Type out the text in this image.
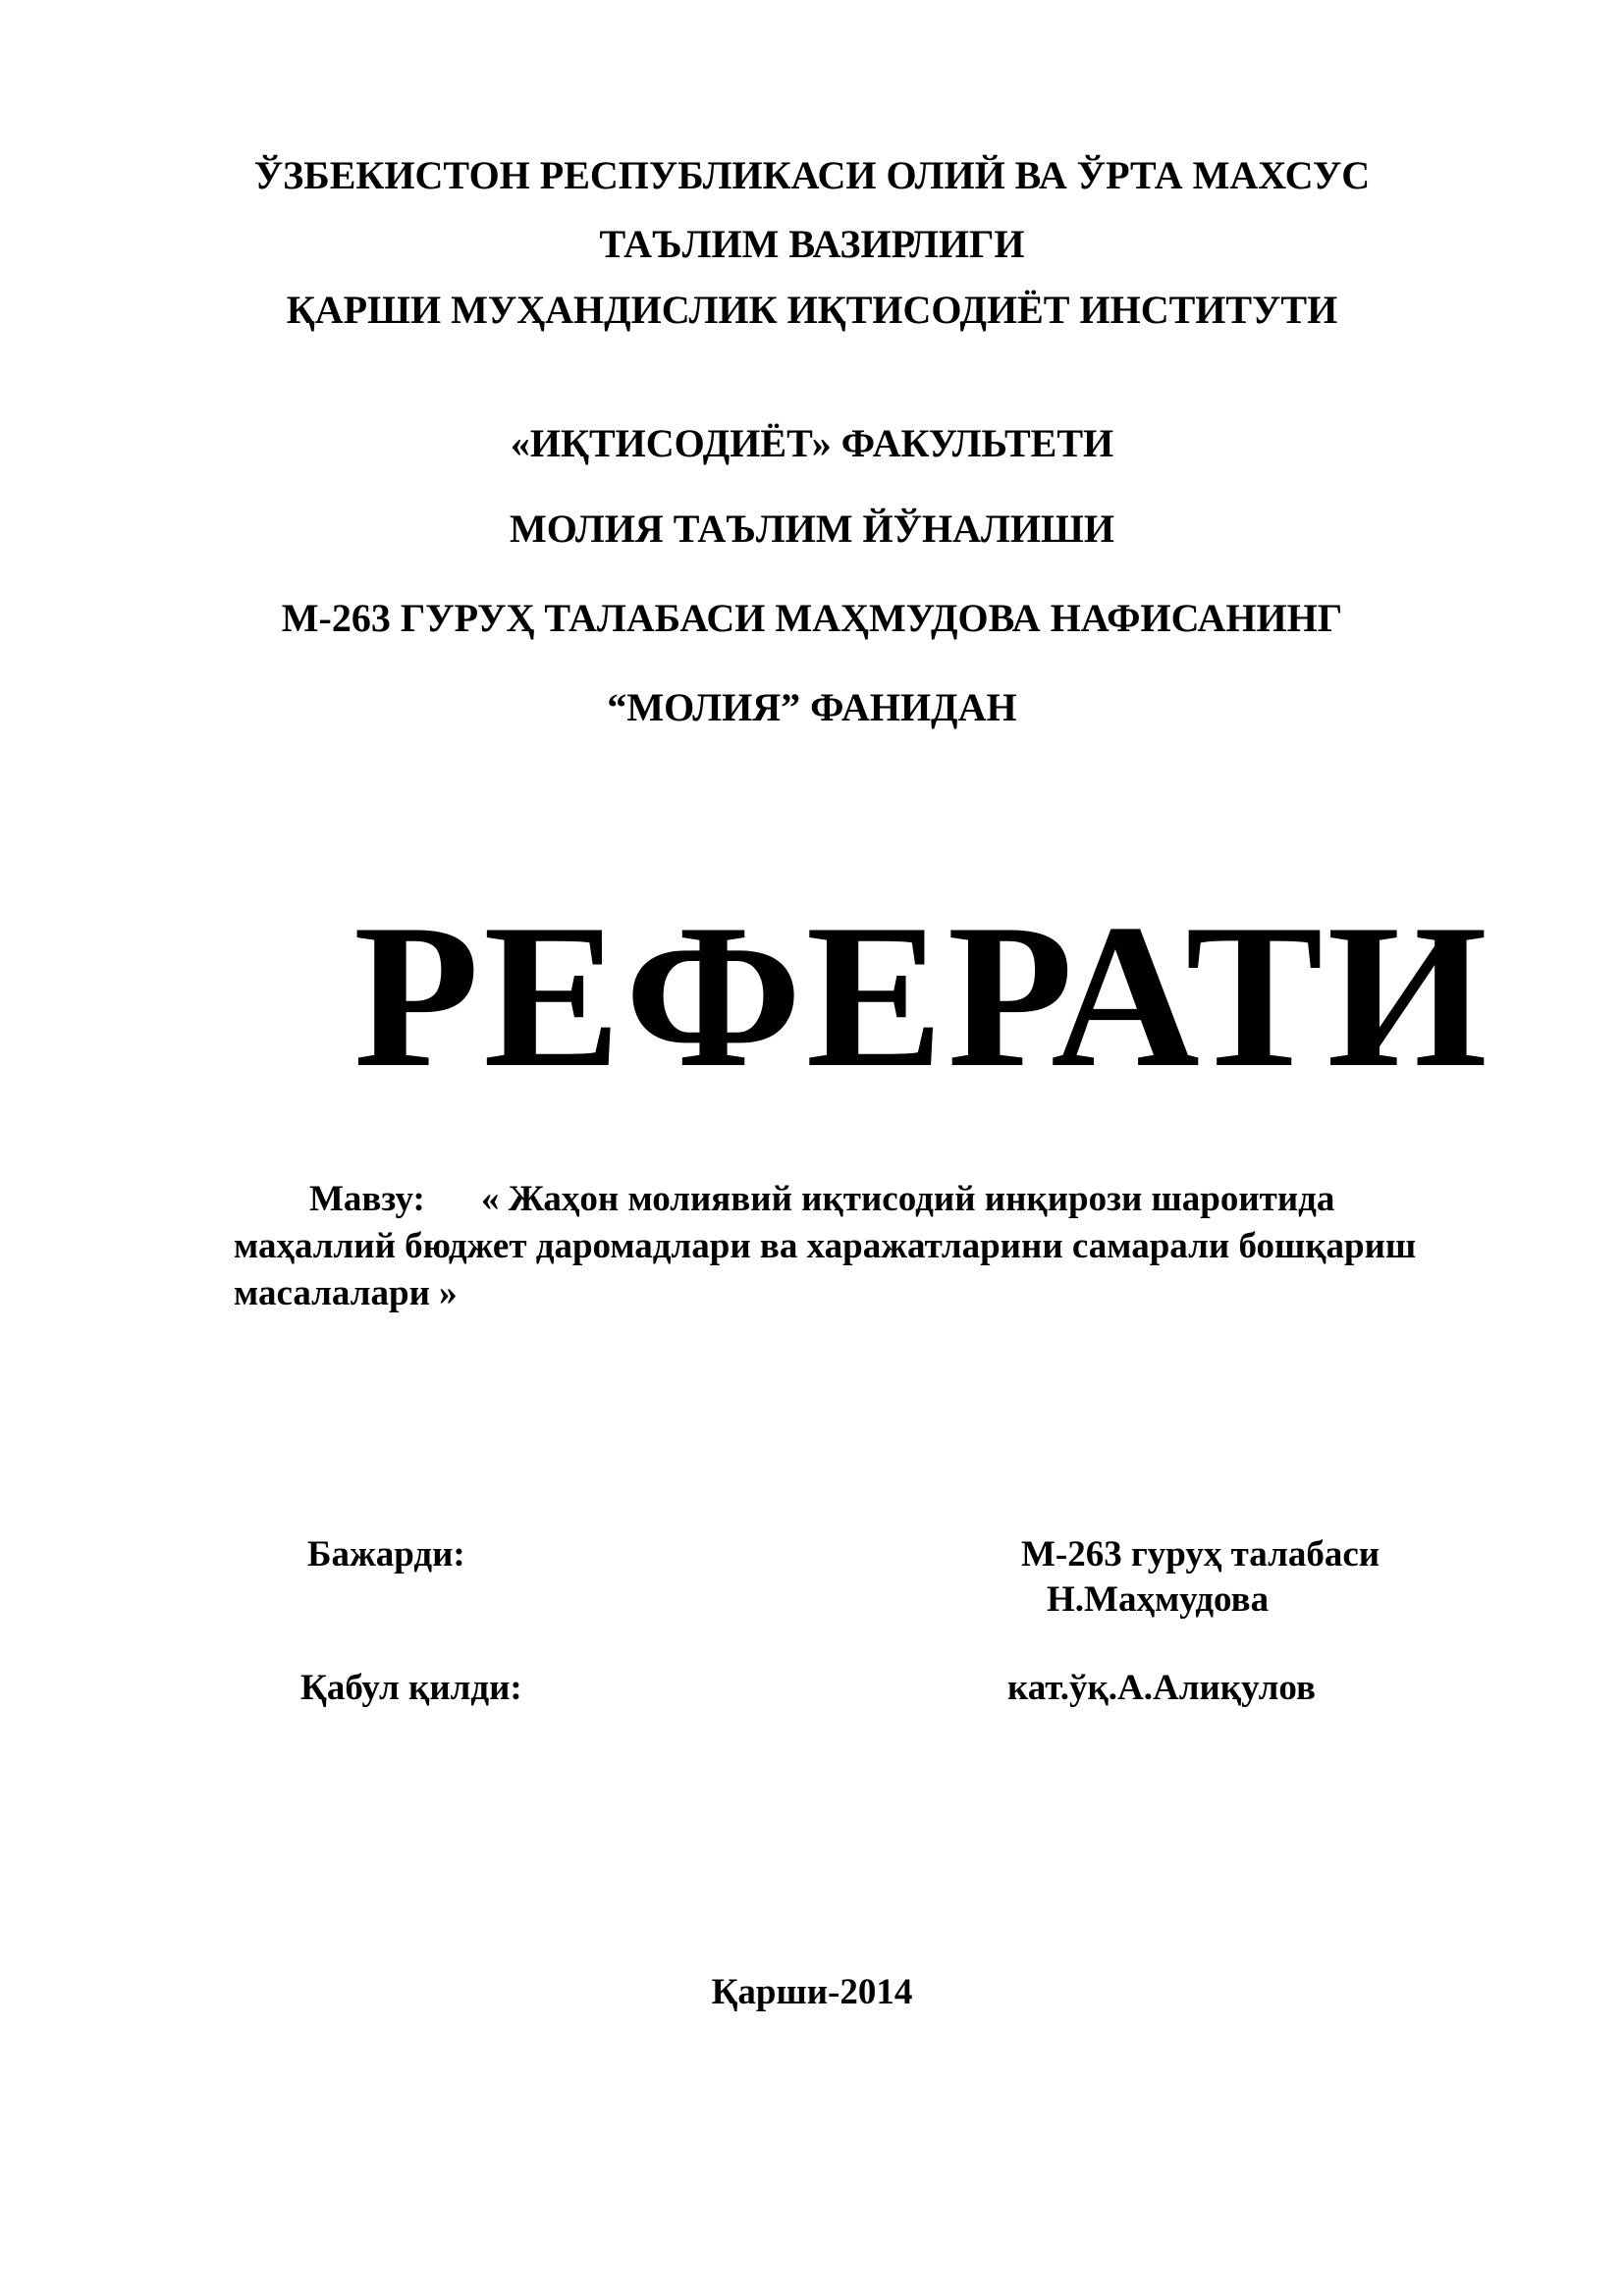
ЎЗБЕКИСТОН РЕСПУБЛИКАСИ ОЛИЙ ВА ЎРТА МАХСУС
ТАЪЛИМ ВАЗИРЛИГИ
ҚАРШИ МУҲАНДИСЛИК ИҚТИСОДИЁТ ИНСТИТУТИ
«ИҚТИСОДИЁТ» ФАКУЛЬТЕТИ
МОЛИЯ ТАЪЛИМ ЙЎНАЛИШИ
М-263 ГУРУҲ ТАЛАБАСИ МАҲМУДОВА НАФИСАНИНГ
“МОЛИЯ” ФАНИДАН
РЕФЕРАТИ
Мавзу: « Жаҳон молиявий иқтисодий инқирози шароитида
маҳаллий бюджет даромадлари ва харажатларини самарали бошқариш
масалалари »
Бажарди:	М-263 гуруҳ талабаси
Н.Маҳмудова
Қабул қилди:	кат.ўқ.А.Алиқулов
Қарши-2014
